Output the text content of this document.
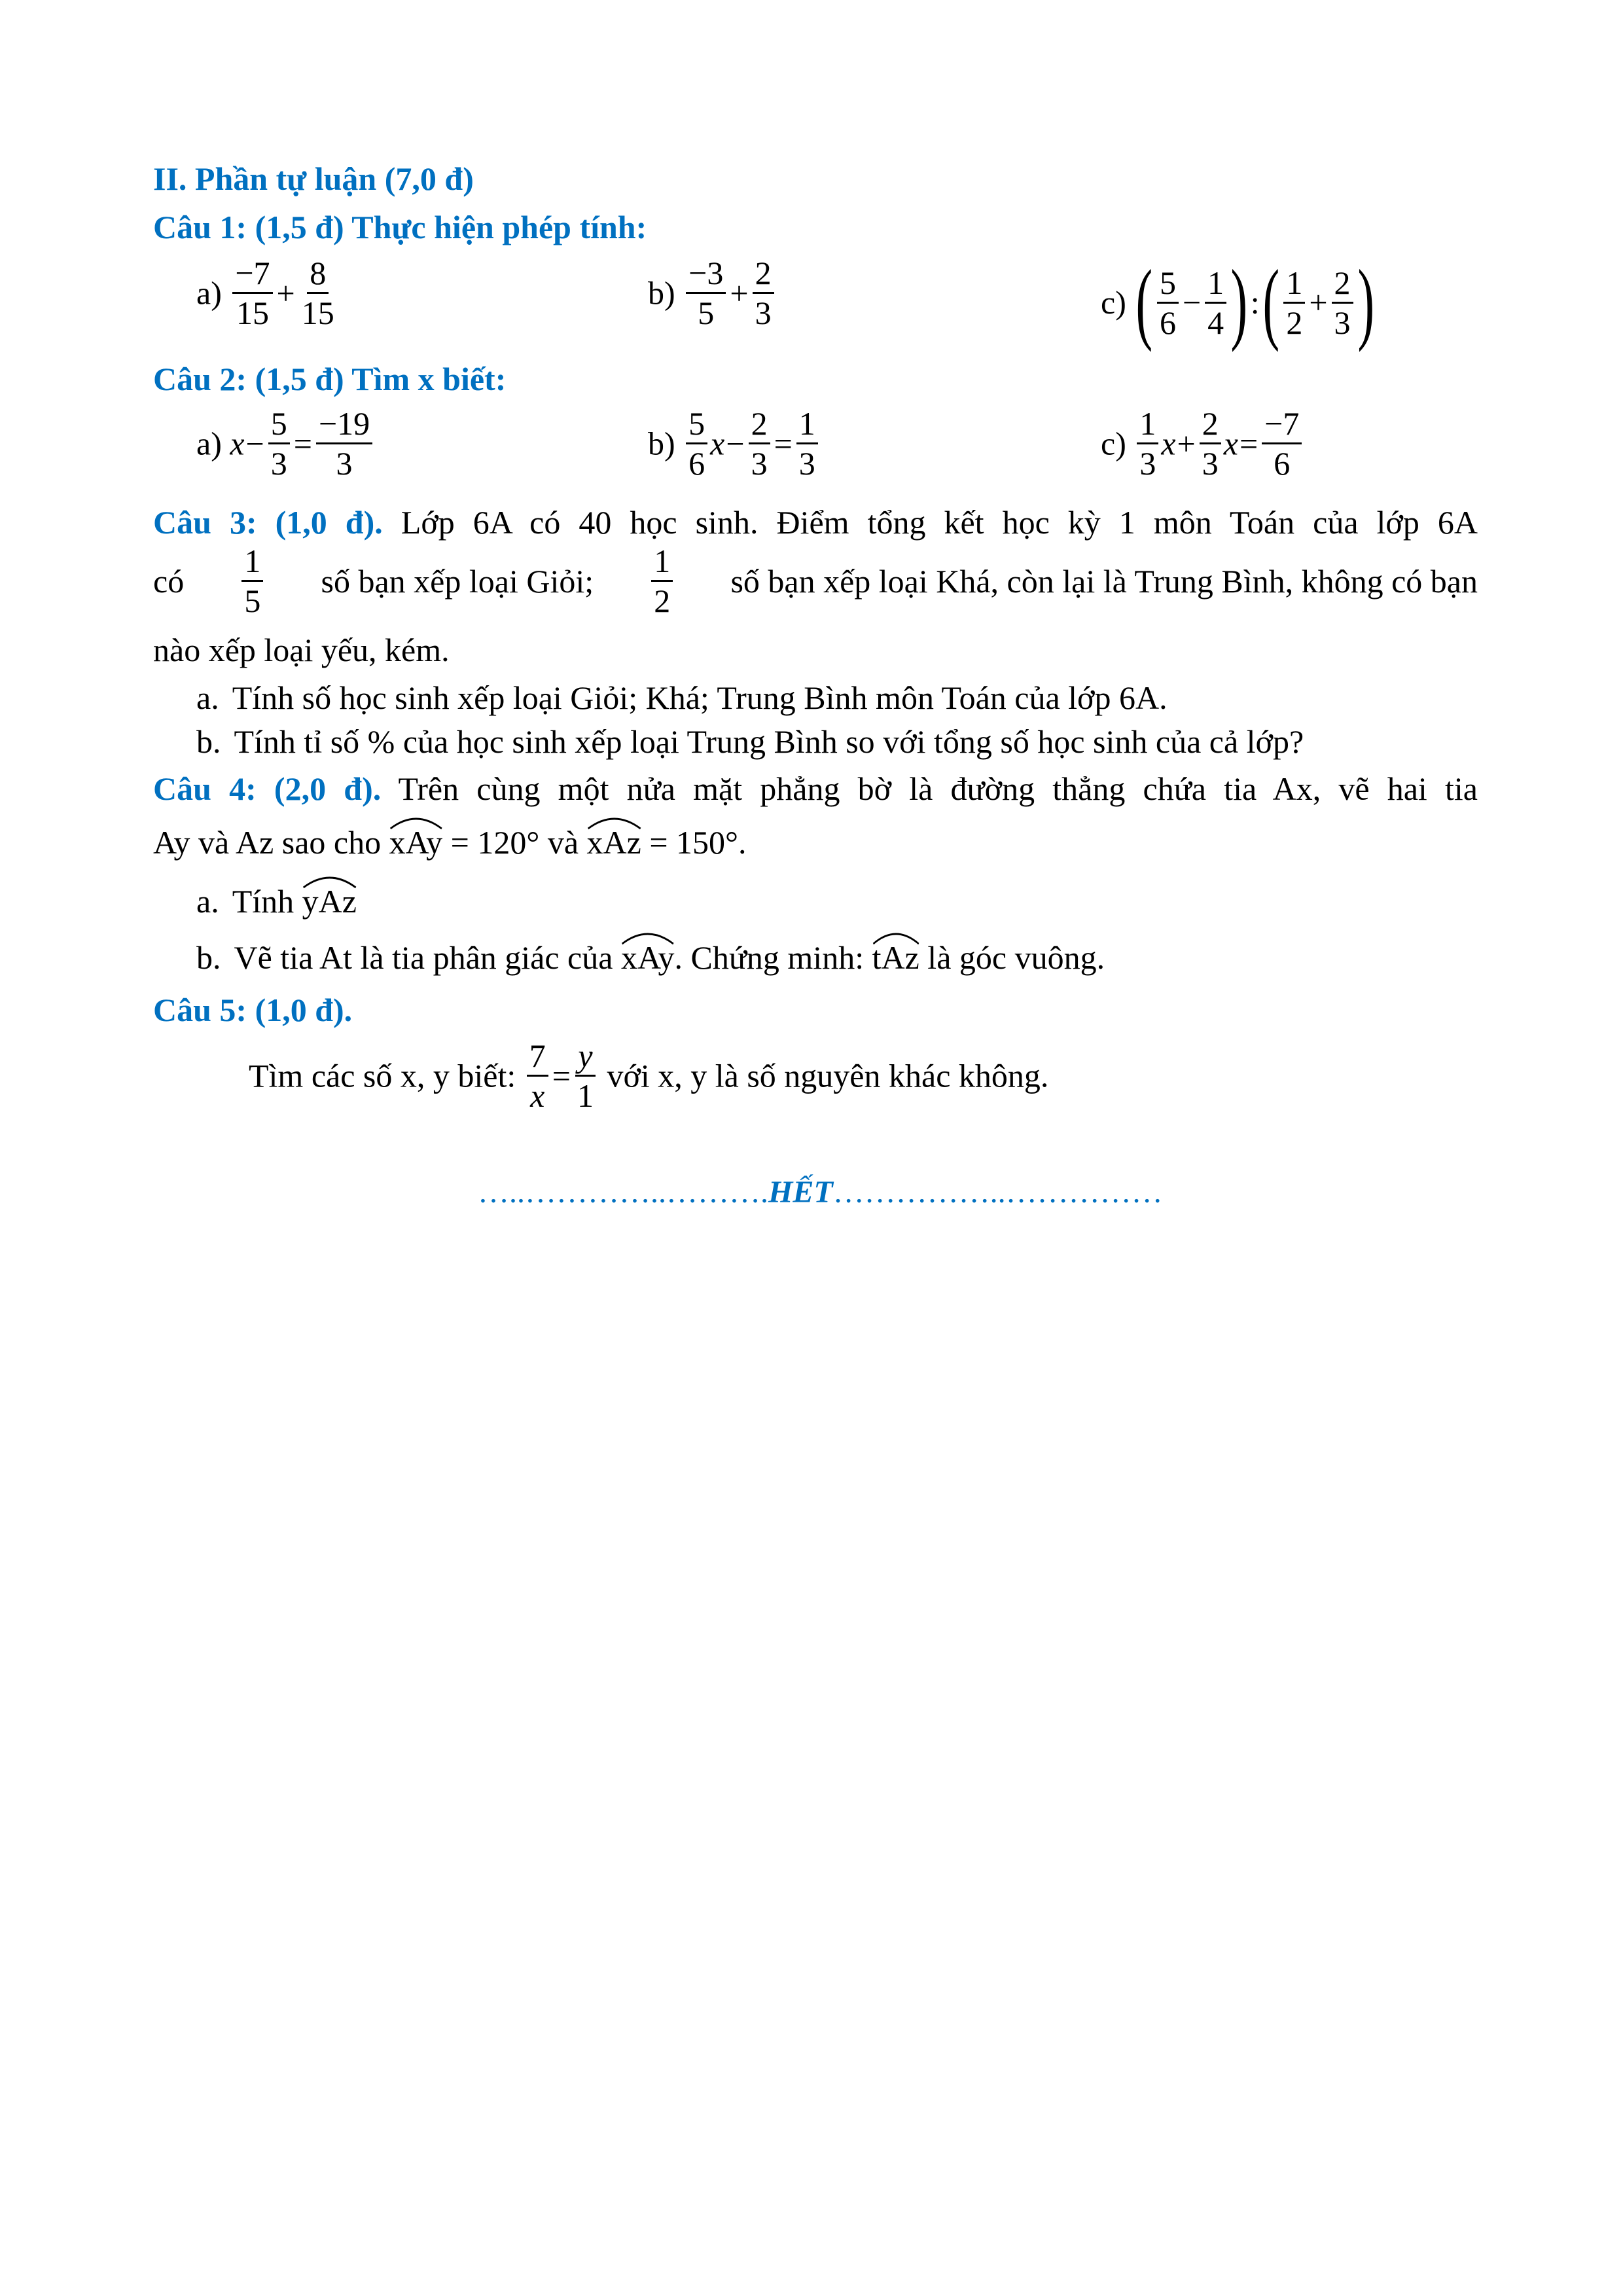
II. Phần tự luận (7,0 đ)
Câu 1: (1,5 đ) Thực hiện phép tính:
$a) \frac{-7}{15} + \frac{8}{15}$	$b) \frac{-3}{5} + \frac{2}{3}$	c) ( $\frac{5}{6} - \frac{1}{4}$ ):( $\frac{1}{2} + \frac{2}{3}$ )
Câu 2: (1,5 đ) Tìm x biết:
a) $x- \frac{5}{3} = \frac{-19}{3}$	$b) \frac{5}{6} x- \frac{2}{3} = \frac{1}{3}$	$c) \frac{1}{3} x+ \frac{2}{3} x= \frac{-7}{6}$
Câu 3: (1,0 đ). Lớp 6A có 40 học sinh. Điểm tổng kết học kỳ 1 môn Toán của lớp 6A
có $\frac{1}{5}$ số bạn xếp loại Giỏi; $\frac{1}{2}$ số bạn xếp loại Khá, còn lại là Trung Bình, không có bạn
nào xếp loại yếu, kém.
a. Tính số học sinh xếp loại Giỏi; Khá; Trung Bình môn Toán của lớp 6A.
b. Tính tỉ số % của học sinh xếp loại Trung Bình so với tổng số học sinh của cả lớp?
Câu 4: (2,0 đ). Trên cùng một nửa mặt phẳng bờ là đường thẳng chứa tia Ax, vẽ hai tia
Ay và Az sao cho xAy
= 120° và xAz
= 150°.
a. Tính yAz
b. Vẽ tia At là tia phân giác của xAy
. Chứng minh: tAz
là góc vuông.
Câu 5: (1,0 đ).
Tìm các số x, y biết: $\frac{7}{x} = \frac{y}{1}$ với x, y là số nguyên khác không.
…..…………..……….HẾT……………..……………
